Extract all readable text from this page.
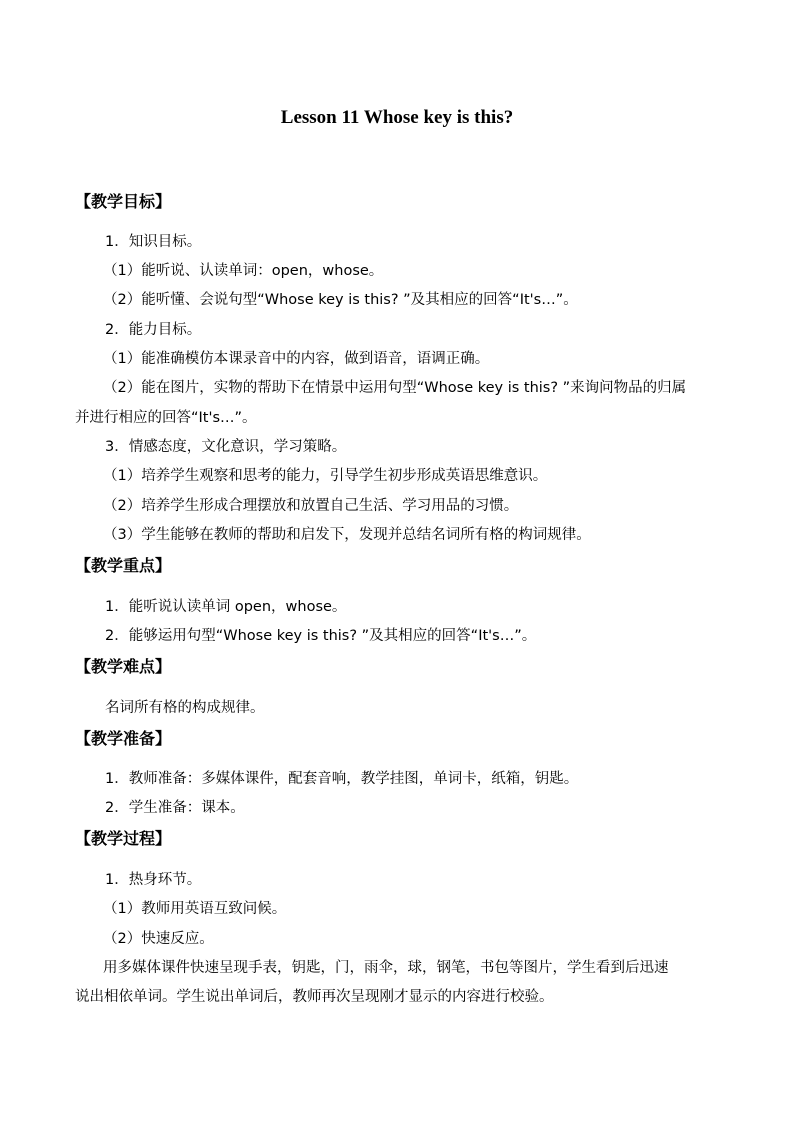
Lesson 11 Whose key is this?
【教学目标】
1．知识目标。
（1）能听说、认读单词：open，whose。
（2）能听懂、会说句型“Whose key is this? ”及其相应的回答“It's…”。
2．能力目标。
（1）能准确模仿本课录音中的内容，做到语音，语调正确。
（2）能在图片，实物的帮助下在情景中运用句型“Whose key is this? ”来询问物品的归属
并进行相应的回答“It's…”。
3．情感态度，文化意识，学习策略。
（1）培养学生观察和思考的能力，引导学生初步形成英语思维意识。
（2）培养学生形成合理摆放和放置自己生活、学习用品的习惯。
（3）学生能够在教师的帮助和启发下，发现并总结名词所有格的构词规律。
【教学重点】
1．能听说认读单词 open，whose。
2．能够运用句型“Whose key is this? ”及其相应的回答“It's…”。
【教学难点】
名词所有格的构成规律。
【教学准备】
1．教师准备：多媒体课件，配套音响，教学挂图，单词卡，纸箱，钥匙。
2．学生准备：课本。
【教学过程】
1．热身环节。
（1）教师用英语互致问候。
（2）快速反应。
用多媒体课件快速呈现手表，钥匙，门，雨伞，球，钢笔，书包等图片，学生看到后迅速
说出相依单词。学生说出单词后，教师再次呈现刚才显示的内容进行校验。
